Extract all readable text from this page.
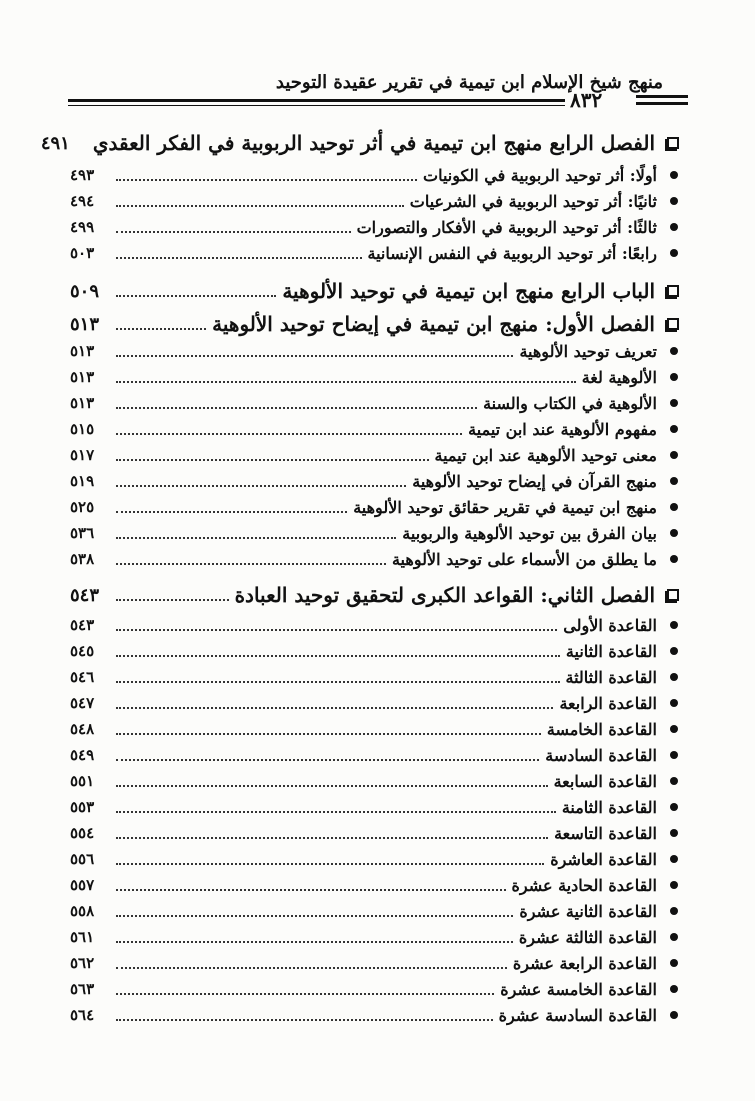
منهج شيخ الإسلام ابن تيمية في تقرير عقيدة التوحيد
٨٣٢
الفصل الرابع منهج ابن تيمية في أثر توحيد الربوبية في الفكر العقدي
٤٩١
أولًا: أثر توحيد الربوبية في الكونيات
٤٩٣
ثانيًا: أثر توحيد الربوبية في الشرعيات
٤٩٤
ثالثًا: أثر توحيد الربوبية في الأفكار والتصورات
٤٩٩
رابعًا: أثر توحيد الربوبية في النفس الإنسانية
٥٠٣
الباب الرابع منهج ابن تيمية في توحيد الألوهية
٥٠٩
الفصل الأول: منهج ابن تيمية في إيضاح توحيد الألوهية
٥١٣
تعريف توحيد الألوهية
٥١٣
الألوهية لغة
٥١٣
الألوهية في الكتاب والسنة
٥١٣
مفهوم الألوهية عند ابن تيمية
٥١٥
معنى توحيد الألوهية عند ابن تيمية
٥١٧
منهج القرآن في إيضاح توحيد الألوهية
٥١٩
منهج ابن تيمية في تقرير حقائق توحيد الألوهية
٥٢٥
بيان الفرق بين توحيد الألوهية والربوبية
٥٣٦
ما يطلق من الأسماء على توحيد الألوهية
٥٣٨
الفصل الثاني: القواعد الكبرى لتحقيق توحيد العبادة
٥٤٣
القاعدة الأولى
٥٤٣
القاعدة الثانية
٥٤٥
القاعدة الثالثة
٥٤٦
القاعدة الرابعة
٥٤٧
القاعدة الخامسة
٥٤٨
القاعدة السادسة
٥٤٩
القاعدة السابعة
٥٥١
القاعدة الثامنة
٥٥٣
القاعدة التاسعة
٥٥٤
القاعدة العاشرة
٥٥٦
القاعدة الحادية عشرة
٥٥٧
القاعدة الثانية عشرة
٥٥٨
القاعدة الثالثة عشرة
٥٦١
القاعدة الرابعة عشرة
٥٦٢
القاعدة الخامسة عشرة
٥٦٣
القاعدة السادسة عشرة
٥٦٤
